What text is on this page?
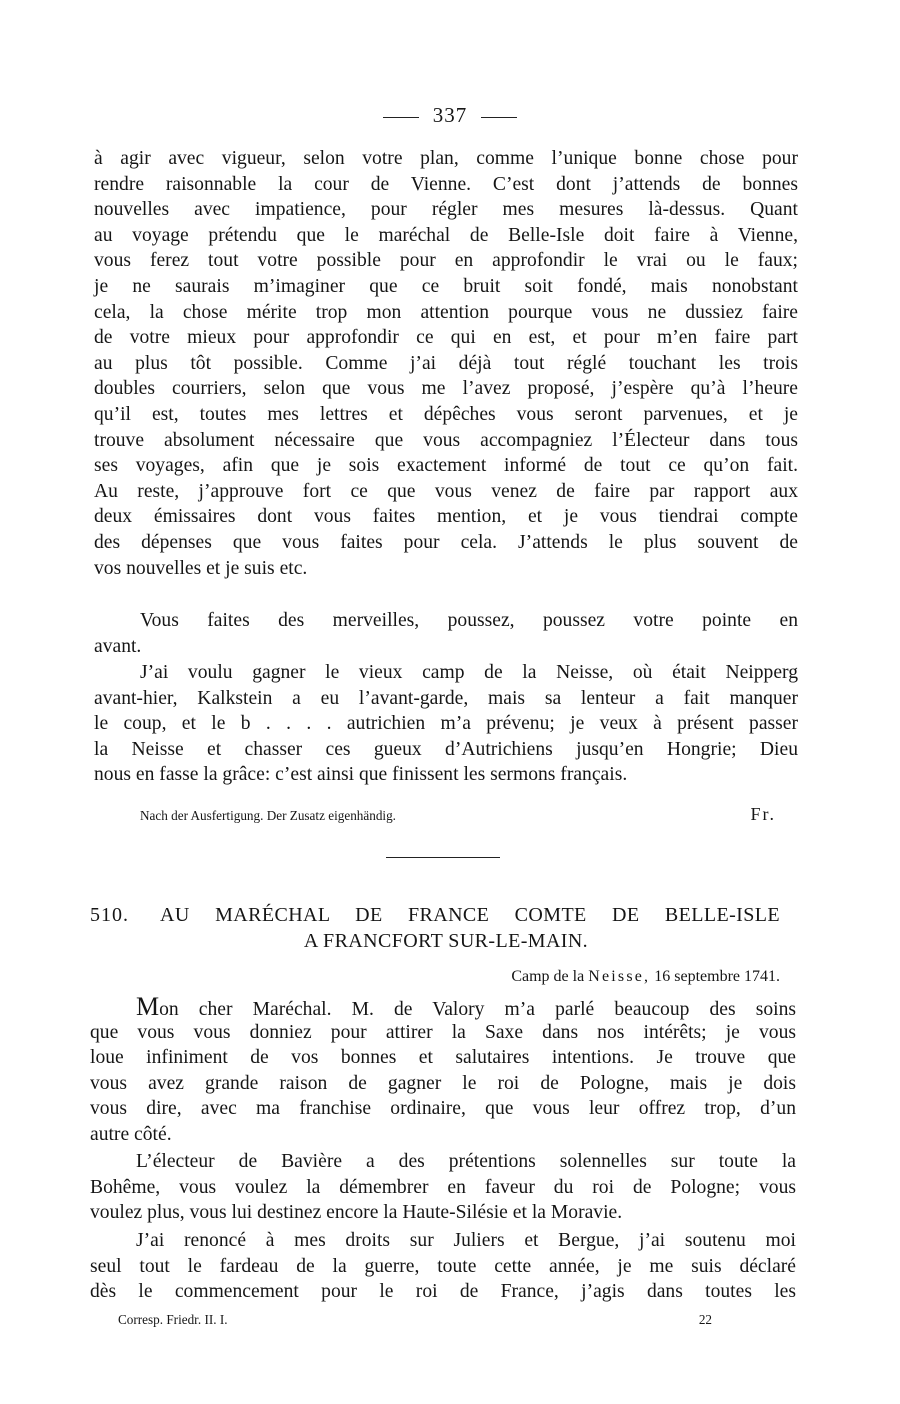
337
à agir avec vigueur, selon votre plan, comme l’unique bonne chose pour
rendre raisonnable la cour de Vienne. C’est dont j’attends de bonnes
nouvelles avec impatience, pour régler mes mesures là-dessus. Quant
au voyage prétendu que le maréchal de Belle-Isle doit faire à Vienne,
vous ferez tout votre possible pour en approfondir le vrai ou le faux;
je ne saurais m’imaginer que ce bruit soit fondé, mais nonobstant
cela, la chose mérite trop mon attention pourque vous ne dussiez faire
de votre mieux pour approfondir ce qui en est, et pour m’en faire part
au plus tôt possible. Comme j’ai déjà tout réglé touchant les trois
doubles courriers, selon que vous me l’avez proposé, j’espère qu’à l’heure
qu’il est, toutes mes lettres et dépêches vous seront parvenues, et je
trouve absolument nécessaire que vous accompagniez l’Électeur dans tous
ses voyages, afin que je sois exactement informé de tout ce qu’on fait.
Au reste, j’approuve fort ce que vous venez de faire par rapport aux
deux émissaires dont vous faites mention, et je vous tiendrai compte
des dépenses que vous faites pour cela. J’attends le plus souvent de
vos nouvelles et je suis etc.
Vous faites des merveilles, poussez, poussez votre pointe en
avant.
J’ai voulu gagner le vieux camp de la Neisse, où était Neipperg
avant-hier, Kalkstein a eu l’avant-garde, mais sa lenteur a fait manquer
le coup, et le b . . . . autrichien m’a prévenu; je veux à présent passer
la Neisse et chasser ces gueux d’Autrichiens jusqu’en Hongrie; Dieu
nous en fasse la grâce: c’est ainsi que finissent les sermons français.
Nach der Ausfertigung. Der Zusatz eigenhändig.	Fr.
510. AU MARÉCHAL DE FRANCE COMTE DE BELLE-ISLE
A FRANCFORT SUR-LE-MAIN.
Camp de la Neisse, 16 septembre 1741.
Mon cher Maréchal. M. de Valory m’a parlé beaucoup des soins
que vous vous donniez pour attirer la Saxe dans nos intérêts; je vous
loue infiniment de vos bonnes et salutaires intentions. Je trouve que
vous avez grande raison de gagner le roi de Pologne, mais je dois
vous dire, avec ma franchise ordinaire, que vous leur offrez trop, d’un
autre côté.
L’électeur de Bavière a des prétentions solennelles sur toute la
Bohême, vous voulez la démembrer en faveur du roi de Pologne; vous
voulez plus, vous lui destinez encore la Haute-Silésie et la Moravie.
J’ai renoncé à mes droits sur Juliers et Bergue, j’ai soutenu moi
seul tout le fardeau de la guerre, toute cette année, je me suis déclaré
dès le commencement pour le roi de France, j’agis dans toutes les
Corresp. Friedr. II. I.	22
